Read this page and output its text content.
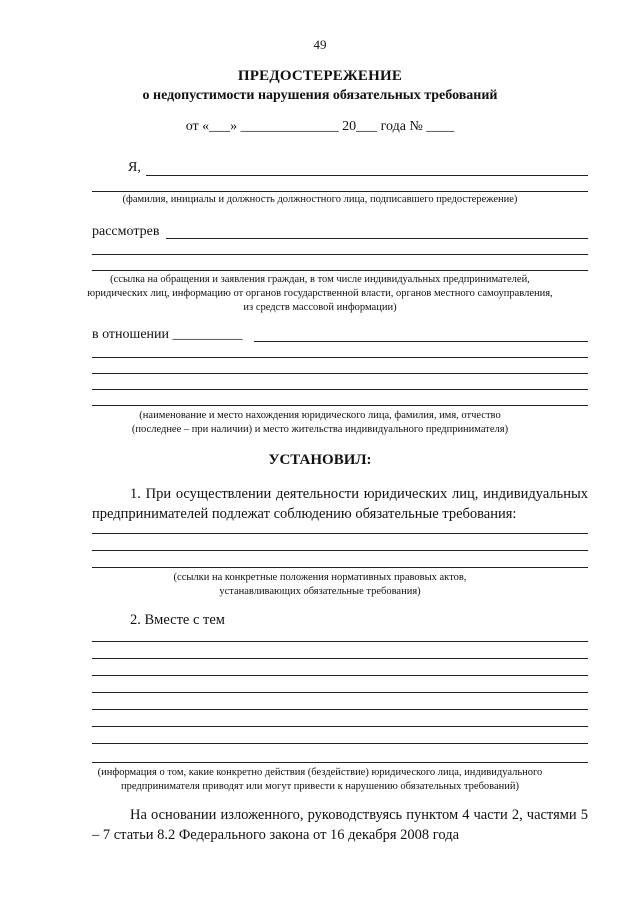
49
ПРЕДОСТЕРЕЖЕНИЕ
о недопустимости нарушения обязательных требований
от «___» ______________ 20___ года № ____
Я,
(фамилия, инициалы и должность должностного лица, подписавшего предостережение)
рассмотрев
(ссылка на обращения и заявления граждан, в том числе индивидуальных предпринимателей,
юридических лиц, информацию от органов государственной власти, органов местного самоуправления,
из средств массовой информации)
в отношении __________
(наименование и место нахождения юридического лица, фамилия, имя, отчество
(последнее – при наличии) и место жительства индивидуального предпринимателя)
УСТАНОВИЛ:
1. При осуществлении деятельности юридических лиц, индивидуальных предпринимателей подлежат соблюдению обязательные требования:
(ссылки на конкретные положения нормативных правовых актов,
устанавливающих обязательные требования)
2. Вместе с тем
(информация о том, какие конкретно действия (бездействие) юридического лица, индивидуального
предпринимателя приводят или могут привести к нарушению обязательных требований)
На основании изложенного, руководствуясь пунктом 4 части 2, частями 5 – 7 статьи 8.2 Федерального закона от 16 декабря 2008 года
